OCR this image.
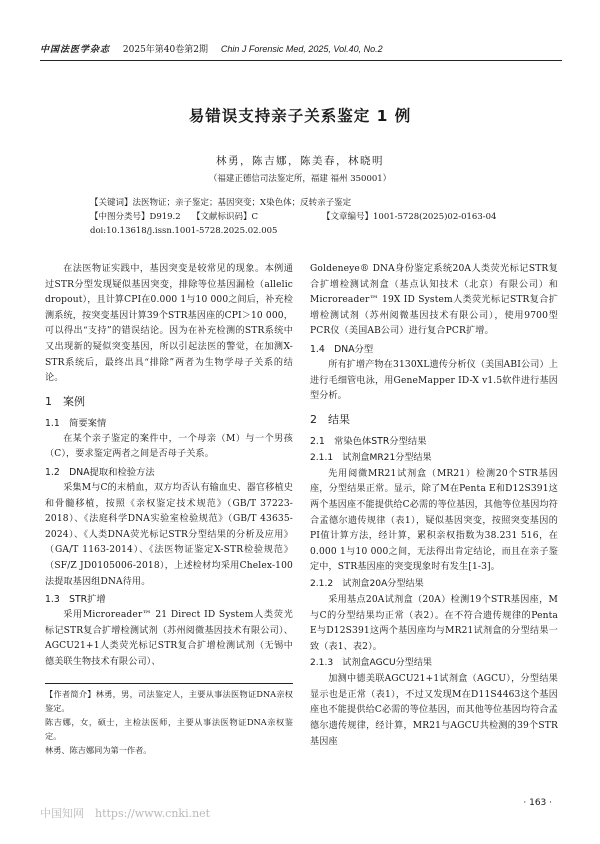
中国法医学杂志 2025年第40卷第2期 Chin J Forensic Med, 2025, Vol.40, No.2
易错误支持亲子关系鉴定 1 例
林勇，陈吉娜，陈美春，林晓明
（福建正德信司法鉴定所，福建 福州 350001）
【关键词】法医物证；亲子鉴定；基因突变；X染色体；反转亲子鉴定
【中图分类号】D919.2 【文献标识码】C	【文章编号】1001-5728(2025)02-0163-04
doi:10.13618/j.issn.1001-5728.2025.02.005

在法医物证实践中，基因突变是较常见的现象。本例通过STR分型发现疑似基因突变，排除等位基因漏检（allelic dropout），且计算CPI在0.000 1与10 000之间后，补充检测系统，按突变基因计算39个STR基因座的CPI＞10 000，可以得出“支持”的错误结论。因为在补充检测的STR系统中又出现新的疑似突变基因，所以引起法医的警觉，在加测X-STR系统后，最终出具“排除”两者为生物学母子关系的结论。

1　案例
1.1　简要案情

在某个亲子鉴定的案件中，一个母亲（M）与一个男孩（C），要求鉴定两者之间是否母子关系。

1.2　DNA提取和检验方法

采集M与C的末梢血，双方均否认有输血史、器官移植史和骨髓移植，按照《亲权鉴定技术规范》（GB/T 37223-2018）、《法庭科学DNA实验室检验规范》（GB/T 43635-2024）、《人类DNA荧光标记STR分型结果的分析及应用》（GA/T 1163-2014）、《法医物证鉴定X-STR检验规范》（SF/Z JD0105006-2018），上述检材均采用Chelex-100法提取基因组DNA待用。

1.3　STR扩增

采用Microreader™ 21 Direct ID System人类荧光标记STR复合扩增检测试剂（苏州阅微基因技术有限公司）、AGCU21+1人类荧光标记STR复合扩增检测试剂（无锡中德美联生物技术有限公司）、

【作者简介】林勇，男，司法鉴定人，主要从事法医物证DNA亲权鉴定。

陈吉娜，女，硕士，主检法医师，主要从事法医物证DNA亲权鉴定。

林勇、陈吉娜同为第一作者。

Goldeneye® DNA身份鉴定系统20A人类荧光标记STR复合扩增检测试剂盒（基点认知技术（北京）有限公司）和Microreader™ 19X ID System人类荧光标记STR复合扩增检测试剂（苏州阅微基因技术有限公司），使用9700型PCR仪（美国AB公司）进行复合PCR扩增。

1.4　DNA分型

所有扩增产物在3130XL遗传分析仪（美国ABI公司）上进行毛细管电泳，用GeneMapper ID-X v1.5软件进行基因型分析。

2　结果
2.1　常染色体STR分型结果
2.1.1　试剂盒MR21分型结果

先用阅微MR21试剂盒（MR21）检测20个STR基因座，分型结果正常。显示，除了M在Penta E和D12S391这两个基因座不能提供给C必需的等位基因，其他等位基因均符合孟德尔遗传规律（表1），疑似基因突变，按照突变基因的PI值计算方法，经计算，累积亲权指数为38.231 516，在0.000 1与10 000之间，无法得出肯定结论，而且在亲子鉴定中，STR基因座的突变现象时有发生[1-3]。

2.1.2　试剂盒20A分型结果

采用基点20A试剂盒（20A）检测19个STR基因座，M与C的分型结果均正常（表2）。在不符合遗传规律的Penta E与D12S391这两个基因座均与MR21试剂盒的分型结果一致（表1、表2）。

2.1.3　试剂盒AGCU分型结果

加测中德美联AGCU21+1试剂盒（AGCU），分型结果显示也是正常（表1），不过又发现M在D11S4463这个基因座也不能提供给C必需的等位基因，而其他等位基因均符合孟德尔遗传规律，经计算，MR21与AGCU共检测的39个STR基因座

中国知网　https://www.cnki.net
· 163 ·
